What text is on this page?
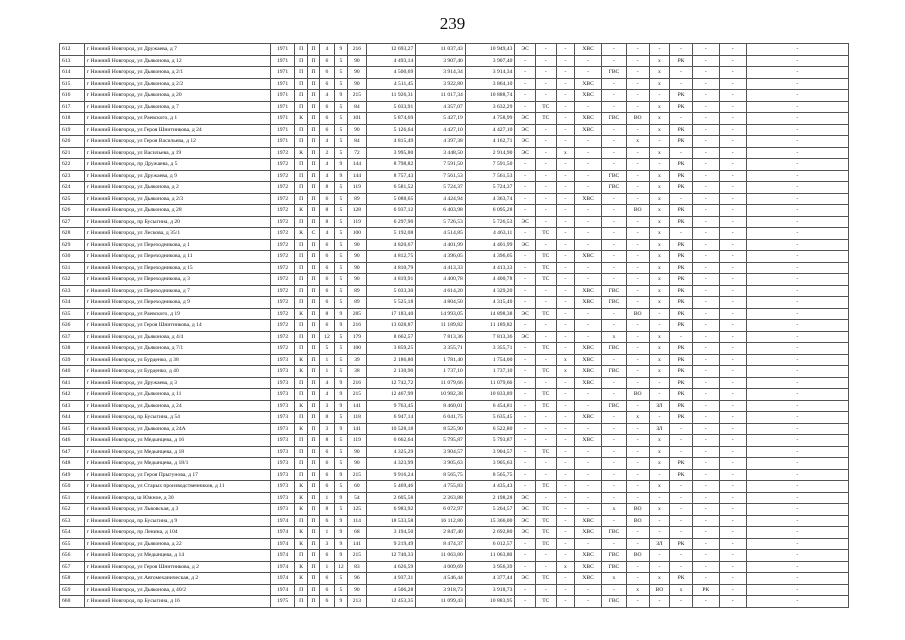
239
612	г Нижний Новгород, ул Дружаева, д 7	1971	П	П	4	9	216	12 693,27	11 037,43	10 949,43	ЭС	-	-	ХВС	-	-	-	-	-	-	-
613	г Нижний Новгород, ул Дьяконова, д 12	1971	П	П	6	5	90	4 493,14	3 907,40	3 907,40	-	-	-	-	-	-	х	РК	-	-	-
614	г Нижний Новгород, ул Дьяконова, д 2/1	1971	П	П	6	5	90	4 500,69	3 914,34	3 914,34	-	-	-	-	ГВС	-	х	-	-	-	-
615	г Нижний Новгород, ул Дьяконова, д 2/2	1971	П	П	6	5	90	4 511,45	3 922,80	3 864,10	-	-	-	ХВС	-	-	х	-	-	-	-
616	г Нижний Новгород, ул Дьяконова, д 20	1971	П	П	4	9	215	11 926,31	11 017,34	10 888,74	-	-	-	ХВС	-	-	-	РК	-	-	-
617	г Нижний Новгород, ул Дьяконова, д 7	1971	П	П	6	5	84	5 033,91	4 357,07	3 632,29	-	ТС	-	-	-	-	х	РК	-	-	-
618	г Нижний Новгород, ул Раевского, д 1	1971	К	П	6	5	101	5 874,69	5 427,19	4 758,99	ЭС	ТС	-	ХВС	ГВС	ВО	х	-	-	-	-
619	г Нижний Новгород, ул Героя Шнитникова, д 24	1971	П	П	6	5	90	5 126,64	4 427,10	4 427,10	ЭС	-	-	ХВС	-	-	х	РК	-	-	-
620	г Нижний Новгород, ул Героя Васильева, д 12	1971	П	П	4	5	84	4 815,49	4 397,38	4 162,71	ЭС	-	-	-	-	х	-	РК	-	-	-
621	г Нижний Новгород, ул Васильева, д 19	1972	К	П	2	5	72	3 995,80	3 448,50	2 914,90	ЭС	-	х	-	-	-	х	-	-	-	-
622	г Нижний Новгород, пр Дружаева, д 5	1972	П	П	4	9	144	8 798,82	7 591,50	7 591,50	-	-	-	-	-	-	-	РК	-	-	-
623	г Нижний Новгород, ул Дружаева, д 9	1972	П	П	4	9	144	8 757,43	7 561,53	7 561,53	-	-	-	-	ГВС	-	х	РК	-	-	-
624	г Нижний Новгород, ул Дьяконова, д 2	1972	П	П	8	5	119	6 581,52	5 724,37	5 724,37	-	-	-	-	ГВС	-	х	РК	-	-	-
625	г Нижний Новгород, ул Дьяконова, д 2/3	1972	П	П	6	5	89	5 088,65	4 424,94	4 363,74	-	-	-	ХВС	-	-	х	-	-	-	-
626	г Нижний Новгород, ул Дьяконова, д 28	1972	К	П	8	5	128	6 937,12	6 403,98	6 095,28	-	-	-	-	-	ВО	х	РК	-	-	-
627	г Нижний Новгород, пр Бусыгина, д 20	1972	П	П	8	5	119	6 297,90	5 726,53	5 726,53	ЭС	-	-	-	-	-	х	РК	-	-	-
628	г Нижний Новгород, ул Лескова, д 35/1	1972	К	С	4	5	100	5 192,08	4 514,85	4 463,11	-	ТС	-	-	-	-	х	-	-	-	-
629	г Нижний Новгород, ул Переходникова, д 1	1972	П	П	6	5	90	4 820,67	4 401,99	4 401,99	ЭС	-	-	-	-	-	х	РК	-	-	-
630	г Нижний Новгород, ул Переходникова, д 11	1972	П	П	6	5	90	4 812,75	4 396,05	4 396,05	-	ТС	-	ХВС	-	-	х	РК	-	-	-
631	г Нижний Новгород, ул Переходникова, д 15	1972	П	П	6	5	90	4 810,79	4 413,33	4 413,33	-	ТС	-	-	-	-	х	РК	-	-	-
632	г Нижний Новгород, ул Переходникова, д 3	1972	П	П	6	5	90	4 819,91	4 400,78	4 400,78	-	ТС	-	-	-	-	х	РК	-	-	-
633	г Нижний Новгород, ул Переходникова, д 7	1972	П	П	6	5	89	5 033,30	4 614,20	4 329,20	-	-	-	ХВС	ГВС	-	х	РК	-	-	-
634	г Нижний Новгород, ул Переходникова, д 9	1972	П	П	6	5	89	5 525,18	4 804,50	4 315,40	-	-	-	ХВС	ГВС	-	х	РК	-	-	-
635	г Нижний Новгород, ул Раевского, д 19	1972	К	П	8	9	285	17 183,40	14 993,05	14 898,38	ЭС	ТС	-	-	-	ВО	-	РК	-	-	-
636	г Нижний Новгород, ул Героя Шнитникова, д 14	1972	П	П	6	9	216	13 028,87	11 189,82	11 189,82	-	-	-	-	-	-	-	РК	-	-	-
637	г Нижний Новгород, ул Дьяконова, д 4/4	1972	П	П	12	5	179	8 662,57	7 813,36	7 813,36	ЭС	-	-	-	х	-	х	-	-	-	-
638	г Нижний Новгород, ул Дьяконова, д 7/1	1972	П	П	5	5	100	3 859,25	3 355,71	3 355,71	-	ТС	-	ХВС	ГВС	-	х	РК	-	-	-
639	г Нижний Новгород, ул Бурденко, д 38	1973	К	П	1	5	39	2 186,80	1 781,40	1 754,00	-	-	х	ХВС	-	-	х	РК	-	-	-
640	г Нижний Новгород, ул Бурденко, д 40	1973	К	П	1	5	38	2 130,90	1 737,10	1 737,10	-	ТС	х	ХВС	ГВС	-	х	РК	-	-	-
641	г Нижний Новгород, ул Дружаева, д 3	1973	П	П	4	9	216	12 742,72	11 079,66	11 079,66	-	-	-	ХВС	-	-	-	РК	-	-	-
642	г Нижний Новгород, ул Дьяконова, д 11	1973	П	П	4	9	215	12 467,99	10 982,38	10 833,89	-	ТС	-	-	-	ВО	-	РК	-	-	-
643	г Нижний Новгород, ул Дьяконова, д 24	1973	К	П	3	9	141	9 763,45	8 460,01	6 454,81	-	ТС	-	-	ГВС	-	ЗЛ	РК	-	-	-
644	г Нижний Новгород, пр Бусыгина, д 54	1973	П	П	8	5	118	6 947,14	6 041,75	5 635,45	-	-	-	ХВС	-	х	-	РК	-	-	-
645	г Нижний Новгород, ул Дьяконова, д 24А	1973	К	П	3	9	141	10 528,18	8 525,90	6 522,80	-	-	-	-	-	-	ЗЛ	-	-	-	-
646	г Нижний Новгород, ул Медынцева, д 16	1973	П	П	8	5	119	6 662,64	5 795,87	5 793,87	-	-	-	ХВС	-	-	х	-	-	-	-
647	г Нижний Новгород, ул Медынцева, д 18	1973	П	П	6	5	90	4 325,29	3 904,57	3 904,57	-	ТС	-	-	-	-	х	-	-	-	-
648	г Нижний Новгород, ул Медынцева, д 18/1	1973	П	П	6	5	90	4 323,99	3 905,63	3 905,63	-	-	-	-	-	-	х	РК	-	-	-
649	г Нижний Новгород, ул Героя Прыгунова, д 17	1973	П	П	6	9	215	9 916,24	8 565,75	8 565,75	-	-	-	-	-	-	-	РК	-	-	-
650	г Нижний Новгород, ул Старых производственников, д 11	1973	К	П	6	5	60	5 469,46	4 755,83	4 435,43	-	ТС	-	-	-	-	х	-	-	-	-
651	г Нижний Новгород, ш Южное, д 30	1973	К	П	1	9	54	2 605,58	2 263,88	2 198,28	ЭС	-	-	-	-	-	-	-	-	-	-
652	г Нижний Новгород, ул Львовская, д 3	1973	К	П	8	5	125	6 983,92	6 072,97	5 264,57	ЭС	ТС	-	-	х	ВО	х	-	-	-	-
653	г Нижний Новгород, пр Бусыгина, д 9	1974	П	П	6	9	114	18 533,58	16 112,80	15 366,00	ЭС	ТС	-	ХВС	-	ВО	-	-	-	-	-
654	г Нижний Новгород, пр Ленина, д 104	1974	К	П	1	9	68	3 194,50	2 847,40	2 692,80	ЭС	ТС	-	ХВС	ГВС	-	-	-	-	-	-
655	г Нижний Новгород, ул Дьяконова, д 22	1974	К	П	3	9	141	9 219,49	8 474,37	6 012,57	-	ТС	-	-	-	-	ЗЛ	РК	-	-	-
656	г Нижний Новгород, ул Медынцева, д 14	1974	П	П	6	9	215	12 740,33	11 063,80	11 063,80	-	-	-	ХВС	ГВС	ВО	-	-	-	-	-
657	г Нижний Новгород, ул Героя Шнитникова, д 2	1974	К	П	1	12	83	4 626,59	4 009,69	3 956,39	-	-	х	ХВС	ГВС	-	-	-	-	-	-
658	г Нижний Новгород, ул Автомеханическая, д 2	1974	К	П	6	5	96	4 937,31	4 546,44	4 377,44	ЭС	ТС	-	ХВС	х	-	х	РК	-	-	-
659	г Нижний Новгород, ул Дьяконова, д 40/2	1974	П	П	6	5	90	4 506,28	3 918,73	3 918,73	-	-	-	-	-	х	ВО	х	РК	-	-
660	г Нижний Новгород, пр Бусыгина, д 16	1975	П	П	6	9	213	12 453,35	11 099,43	10 883,95	-	ТС	-	-	ГВС	-	-	-	-	-	-
